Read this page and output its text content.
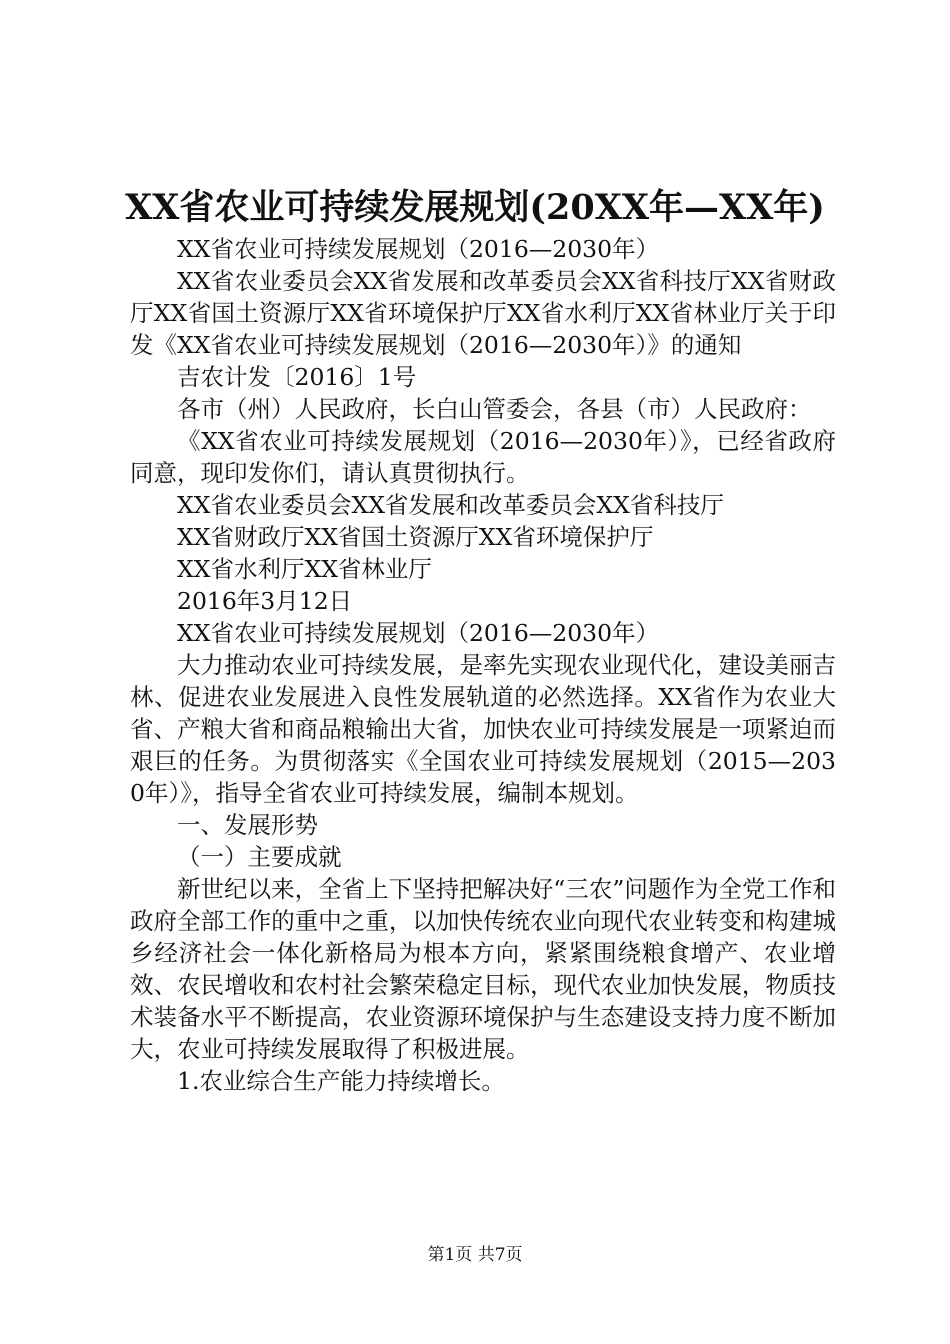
XX省农业可持续发展规划(20XX年—XX年)

XX省农业可持续发展规划（2016—2030年）

XX省农业委员会XX省发展和改革委员会XX省科技厅XX省财政厅XX省国土资源厅XX省环境保护厅XX省水利厅XX省林业厅关于印发《XX省农业可持续发展规划（2016—2030年）》的通知

吉农计发〔2016〕1号

各市（州）人民政府，长白山管委会，各县（市）人民政府：

《XX省农业可持续发展规划（2016—2030年）》，已经省政府同意，现印发你们，请认真贯彻执行。

XX省农业委员会XX省发展和改革委员会XX省科技厅

XX省财政厅XX省国土资源厅XX省环境保护厅

XX省水利厅XX省林业厅

2016年3月12日

XX省农业可持续发展规划（2016—2030年）

大力推动农业可持续发展，是率先实现农业现代化，建设美丽吉林、促进农业发展进入良性发展轨道的必然选择。XX省作为农业大省、产粮大省和商品粮输出大省，加快农业可持续发展是一项紧迫而艰巨的任务。为贯彻落实《全国农业可持续发展规划（2015—2030年）》，指导全省农业可持续发展，编制本规划。

一、发展形势

（一）主要成就

新世纪以来，全省上下坚持把解决好“三农”问题作为全党工作和政府全部工作的重中之重，以加快传统农业向现代农业转变和构建城乡经济社会一体化新格局为根本方向，紧紧围绕粮食增产、农业增效、农民增收和农村社会繁荣稳定目标，现代农业加快发展，物质技术装备水平不断提高，农业资源环境保护与生态建设支持力度不断加大，农业可持续发展取得了积极进展。

1.农业综合生产能力持续增长。

第1页 共7页
